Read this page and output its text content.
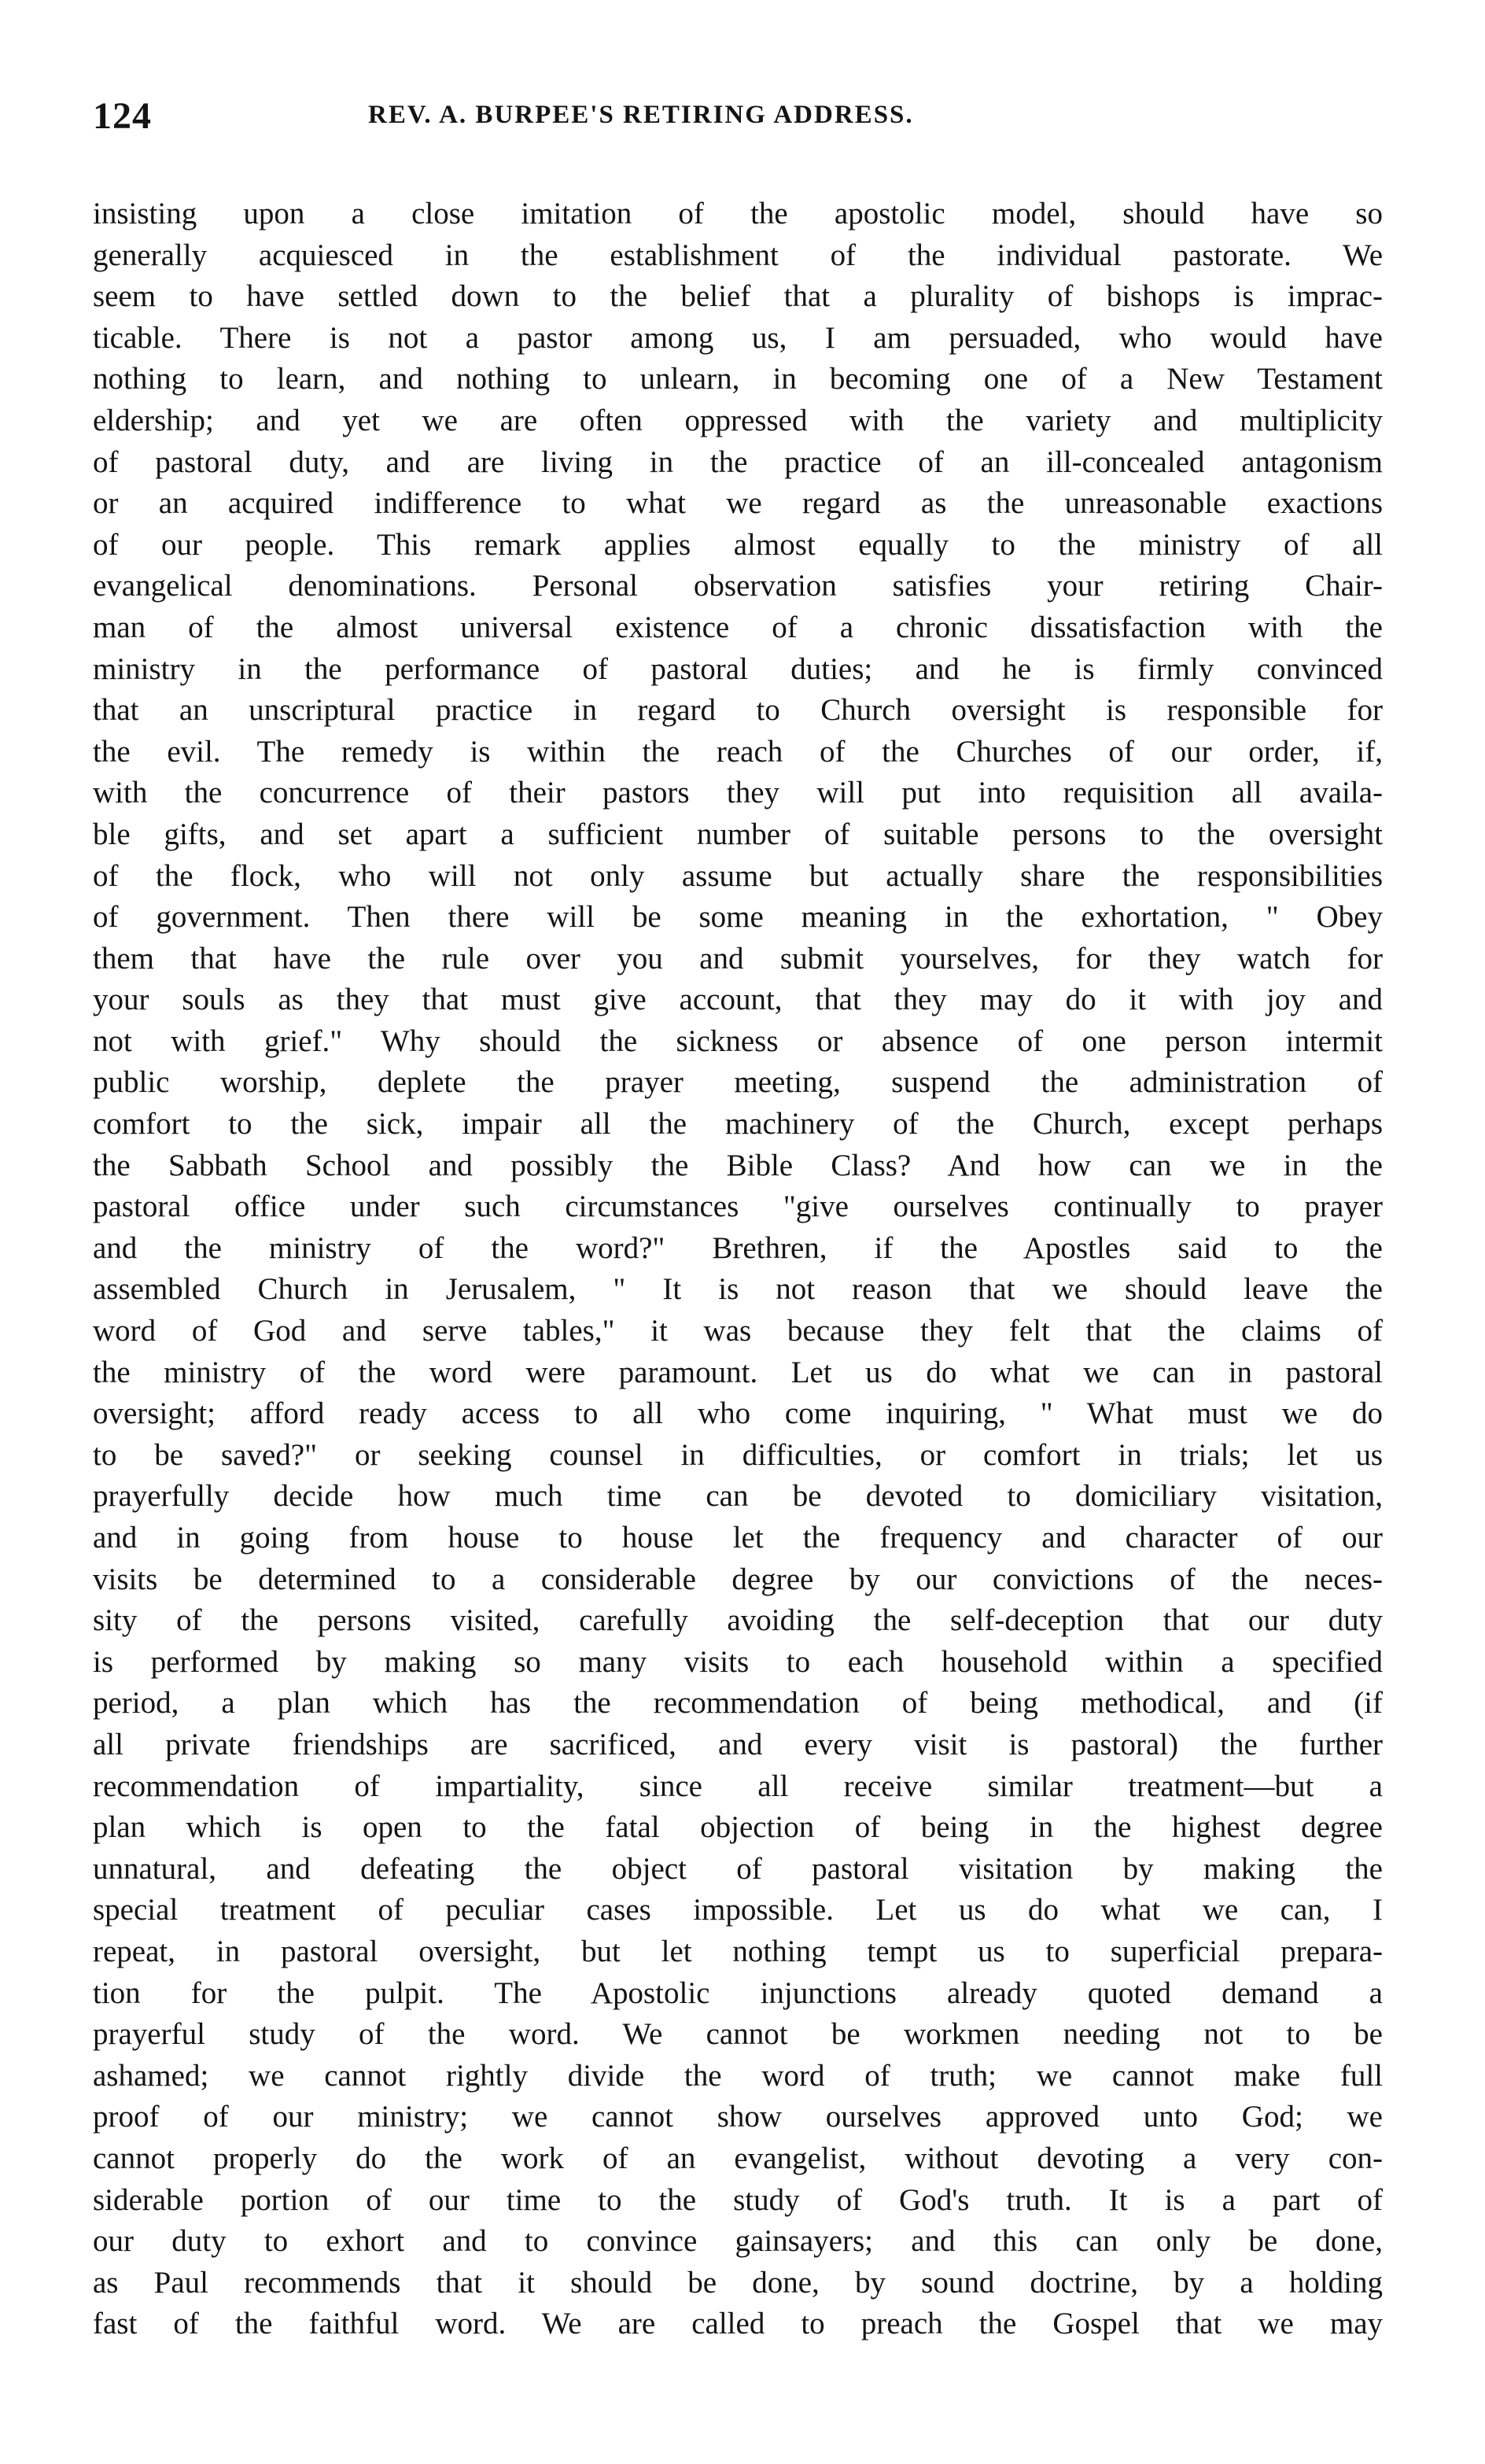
124	REV. A. BURPEE'S RETIRING ADDRESS.
insisting upon a close imitation of the apostolic model, should have so
generally acquiesced in the establishment of the individual pastorate. We
seem to have settled down to the belief that a plurality of bishops is imprac-
ticable. There is not a pastor among us, I am persuaded, who would have
nothing to learn, and nothing to unlearn, in becoming one of a New Testament
eldership; and yet we are often oppressed with the variety and multiplicity
of pastoral duty, and are living in the practice of an ill-concealed antagonism
or an acquired indifference to what we regard as the unreasonable exactions
of our people. This remark applies almost equally to the ministry of all
evangelical denominations. Personal observation satisfies your retiring Chair-
man of the almost universal existence of a chronic dissatisfaction with the
ministry in the performance of pastoral duties; and he is firmly convinced
that an unscriptural practice in regard to Church oversight is responsible for
the evil. The remedy is within the reach of the Churches of our order, if,
with the concurrence of their pastors they will put into requisition all availa-
ble gifts, and set apart a sufficient number of suitable persons to the oversight
of the flock, who will not only assume but actually share the responsibilities
of government. Then there will be some meaning in the exhortation, " Obey
them that have the rule over you and submit yourselves, for they watch for
your souls as they that must give account, that they may do it with joy and
not with grief." Why should the sickness or absence of one person intermit
public worship, deplete the prayer meeting, suspend the administration of
comfort to the sick, impair all the machinery of the Church, except perhaps
the Sabbath School and possibly the Bible Class? And how can we in the
pastoral office under such circumstances "give ourselves continually to prayer
and the ministry of the word?" Brethren, if the Apostles said to the
assembled Church in Jerusalem, " It is not reason that we should leave the
word of God and serve tables," it was because they felt that the claims of
the ministry of the word were paramount. Let us do what we can in pastoral
oversight; afford ready access to all who come inquiring, " What must we do
to be saved?" or seeking counsel in difficulties, or comfort in trials; let us
prayerfully decide how much time can be devoted to domiciliary visitation,
and in going from house to house let the frequency and character of our
visits be determined to a considerable degree by our convictions of the neces-
sity of the persons visited, carefully avoiding the self-deception that our duty
is performed by making so many visits to each household within a specified
period, a plan which has the recommendation of being methodical, and (if
all private friendships are sacrificed, and every visit is pastoral) the further
recommendation of impartiality, since all receive similar treatment—but a
plan which is open to the fatal objection of being in the highest degree
unnatural, and defeating the object of pastoral visitation by making the
special treatment of peculiar cases impossible. Let us do what we can, I
repeat, in pastoral oversight, but let nothing tempt us to superficial prepara-
tion for the pulpit. The Apostolic injunctions already quoted demand a
prayerful study of the word. We cannot be workmen needing not to be
ashamed; we cannot rightly divide the word of truth; we cannot make full
proof of our ministry; we cannot show ourselves approved unto God; we
cannot properly do the work of an evangelist, without devoting a very con-
siderable portion of our time to the study of God's truth. It is a part of
our duty to exhort and to convince gainsayers; and this can only be done,
as Paul recommends that it should be done, by sound doctrine, by a holding
fast of the faithful word. We are called to preach the Gospel that we may
